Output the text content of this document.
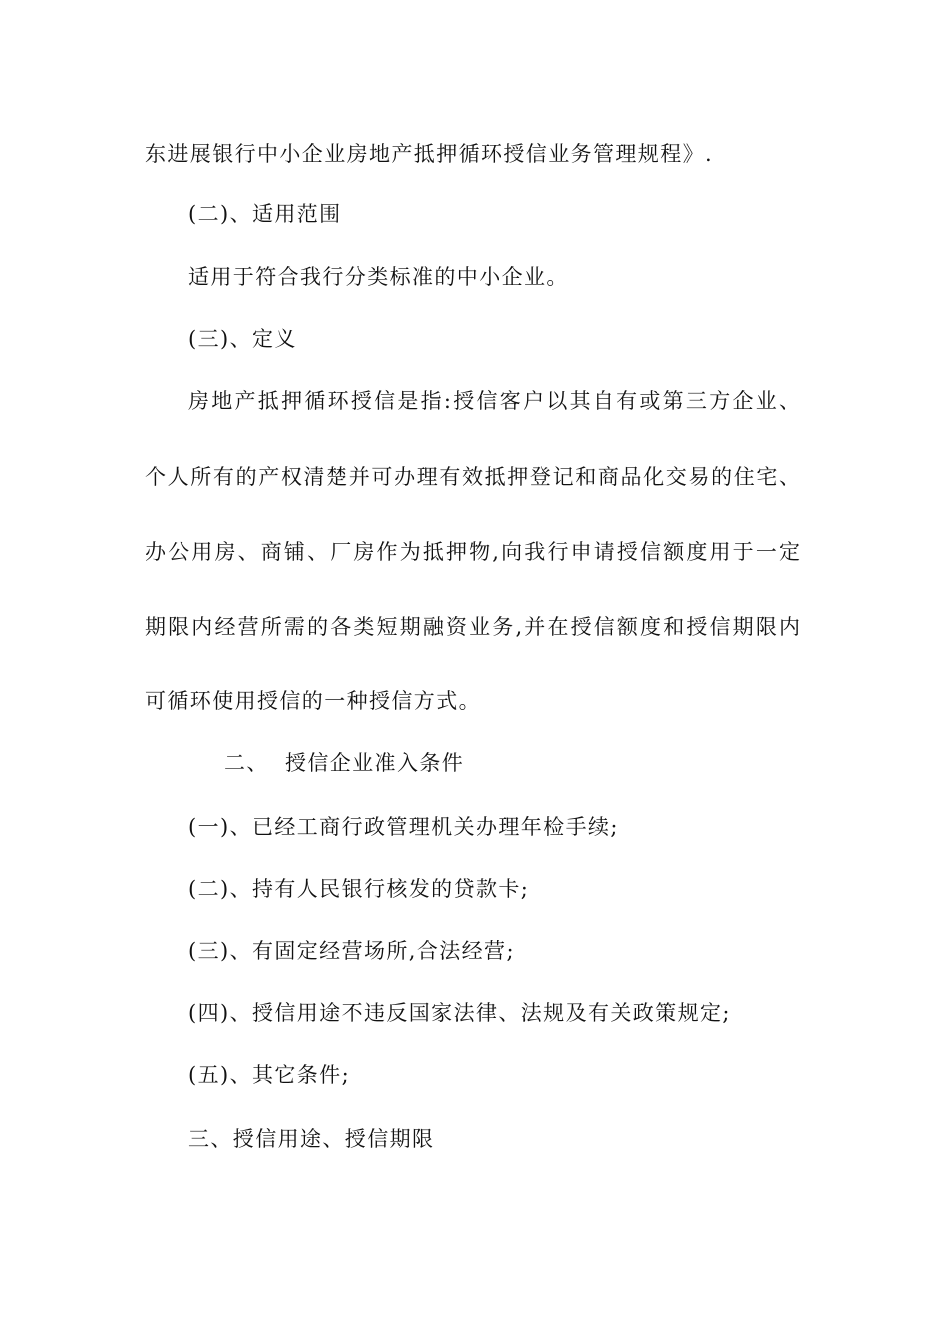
东进展银行中小企业房地产抵押循环授信业务管理规程》.
(二)、适用范围
适用于符合我行分类标准的中小企业。
(三)、定义
房地产抵押循环授信是指:授信客户以其自有或第三方企业、
个人所有的产权清楚并可办理有效抵押登记和商品化交易的住宅、
办公用房、商铺、厂房作为抵押物,向我行申请授信额度用于一定
期限内经营所需的各类短期融资业务,并在授信额度和授信期限内
可循环使用授信的一种授信方式。
二、  授信企业准入条件
(一)、已经工商行政管理机关办理年检手续;
(二)、持有人民银行核发的贷款卡;
(三)、有固定经营场所,合法经营;
(四)、授信用途不违反国家法律、法规及有关政策规定;
(五)、其它条件;
三、授信用途、授信期限
